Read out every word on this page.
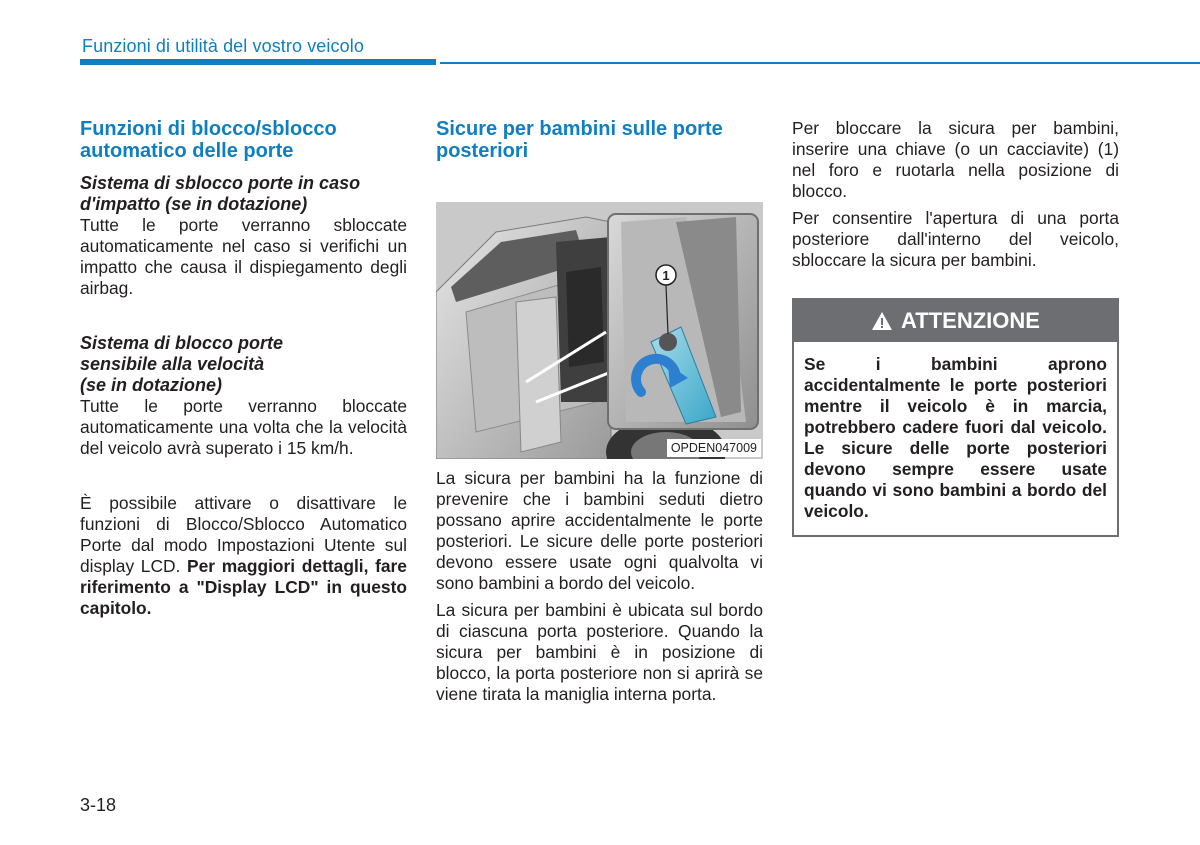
Funzioni di utilità del vostro veicolo
Funzioni di blocco/sblocco automatico delle porte
Sistema di sblocco porte in caso d'impatto (se in dotazione)

Tutte le porte verranno sbloccate automaticamente nel caso si verifichi un impatto che causa il dispiegamento degli airbag.

Sistema di blocco porte
sensibile alla velocità
(se in dotazione)

Tutte le porte verranno bloccate automaticamente una volta che la velocità del veicolo avrà superato i 15 km/h.

È possibile attivare o disattivare le funzioni di Blocco/Sblocco Automatico Porte dal modo Impostazioni Utente sul display LCD. Per maggiori dettagli, fare riferimento a "Display LCD" in questo capitolo.

Sicure per bambini sulle porte posteriori
1
OPDEN047009

La sicura per bambini ha la funzione di prevenire che i bambini seduti dietro possano aprire accidentalmente le porte posteriori. Le sicure delle porte posteriori devono essere usate ogni qualvolta vi sono bambini a bordo del veicolo.

La sicura per bambini è ubicata sul bordo di ciascuna porta posteriore. Quando la sicura per bambini è in posizione di blocco, la porta posteriore non si aprirà se viene tirata la maniglia interna porta.

Per bloccare la sicura per bambini, inserire una chiave (o un cacciavite) (1) nel foro e ruotarla nella posizione di blocco.

Per consentire l'apertura di una porta posteriore dall'interno del veicolo, sbloccare la sicura per bambini.

ATTENZIONE

Se i bambini aprono accidentalmente le porte posteriori mentre il veicolo è in marcia, potrebbero cadere fuori dal veicolo. Le sicure delle porte posteriori devono sempre essere usate quando vi sono bambini a bordo del veicolo.

3-18
